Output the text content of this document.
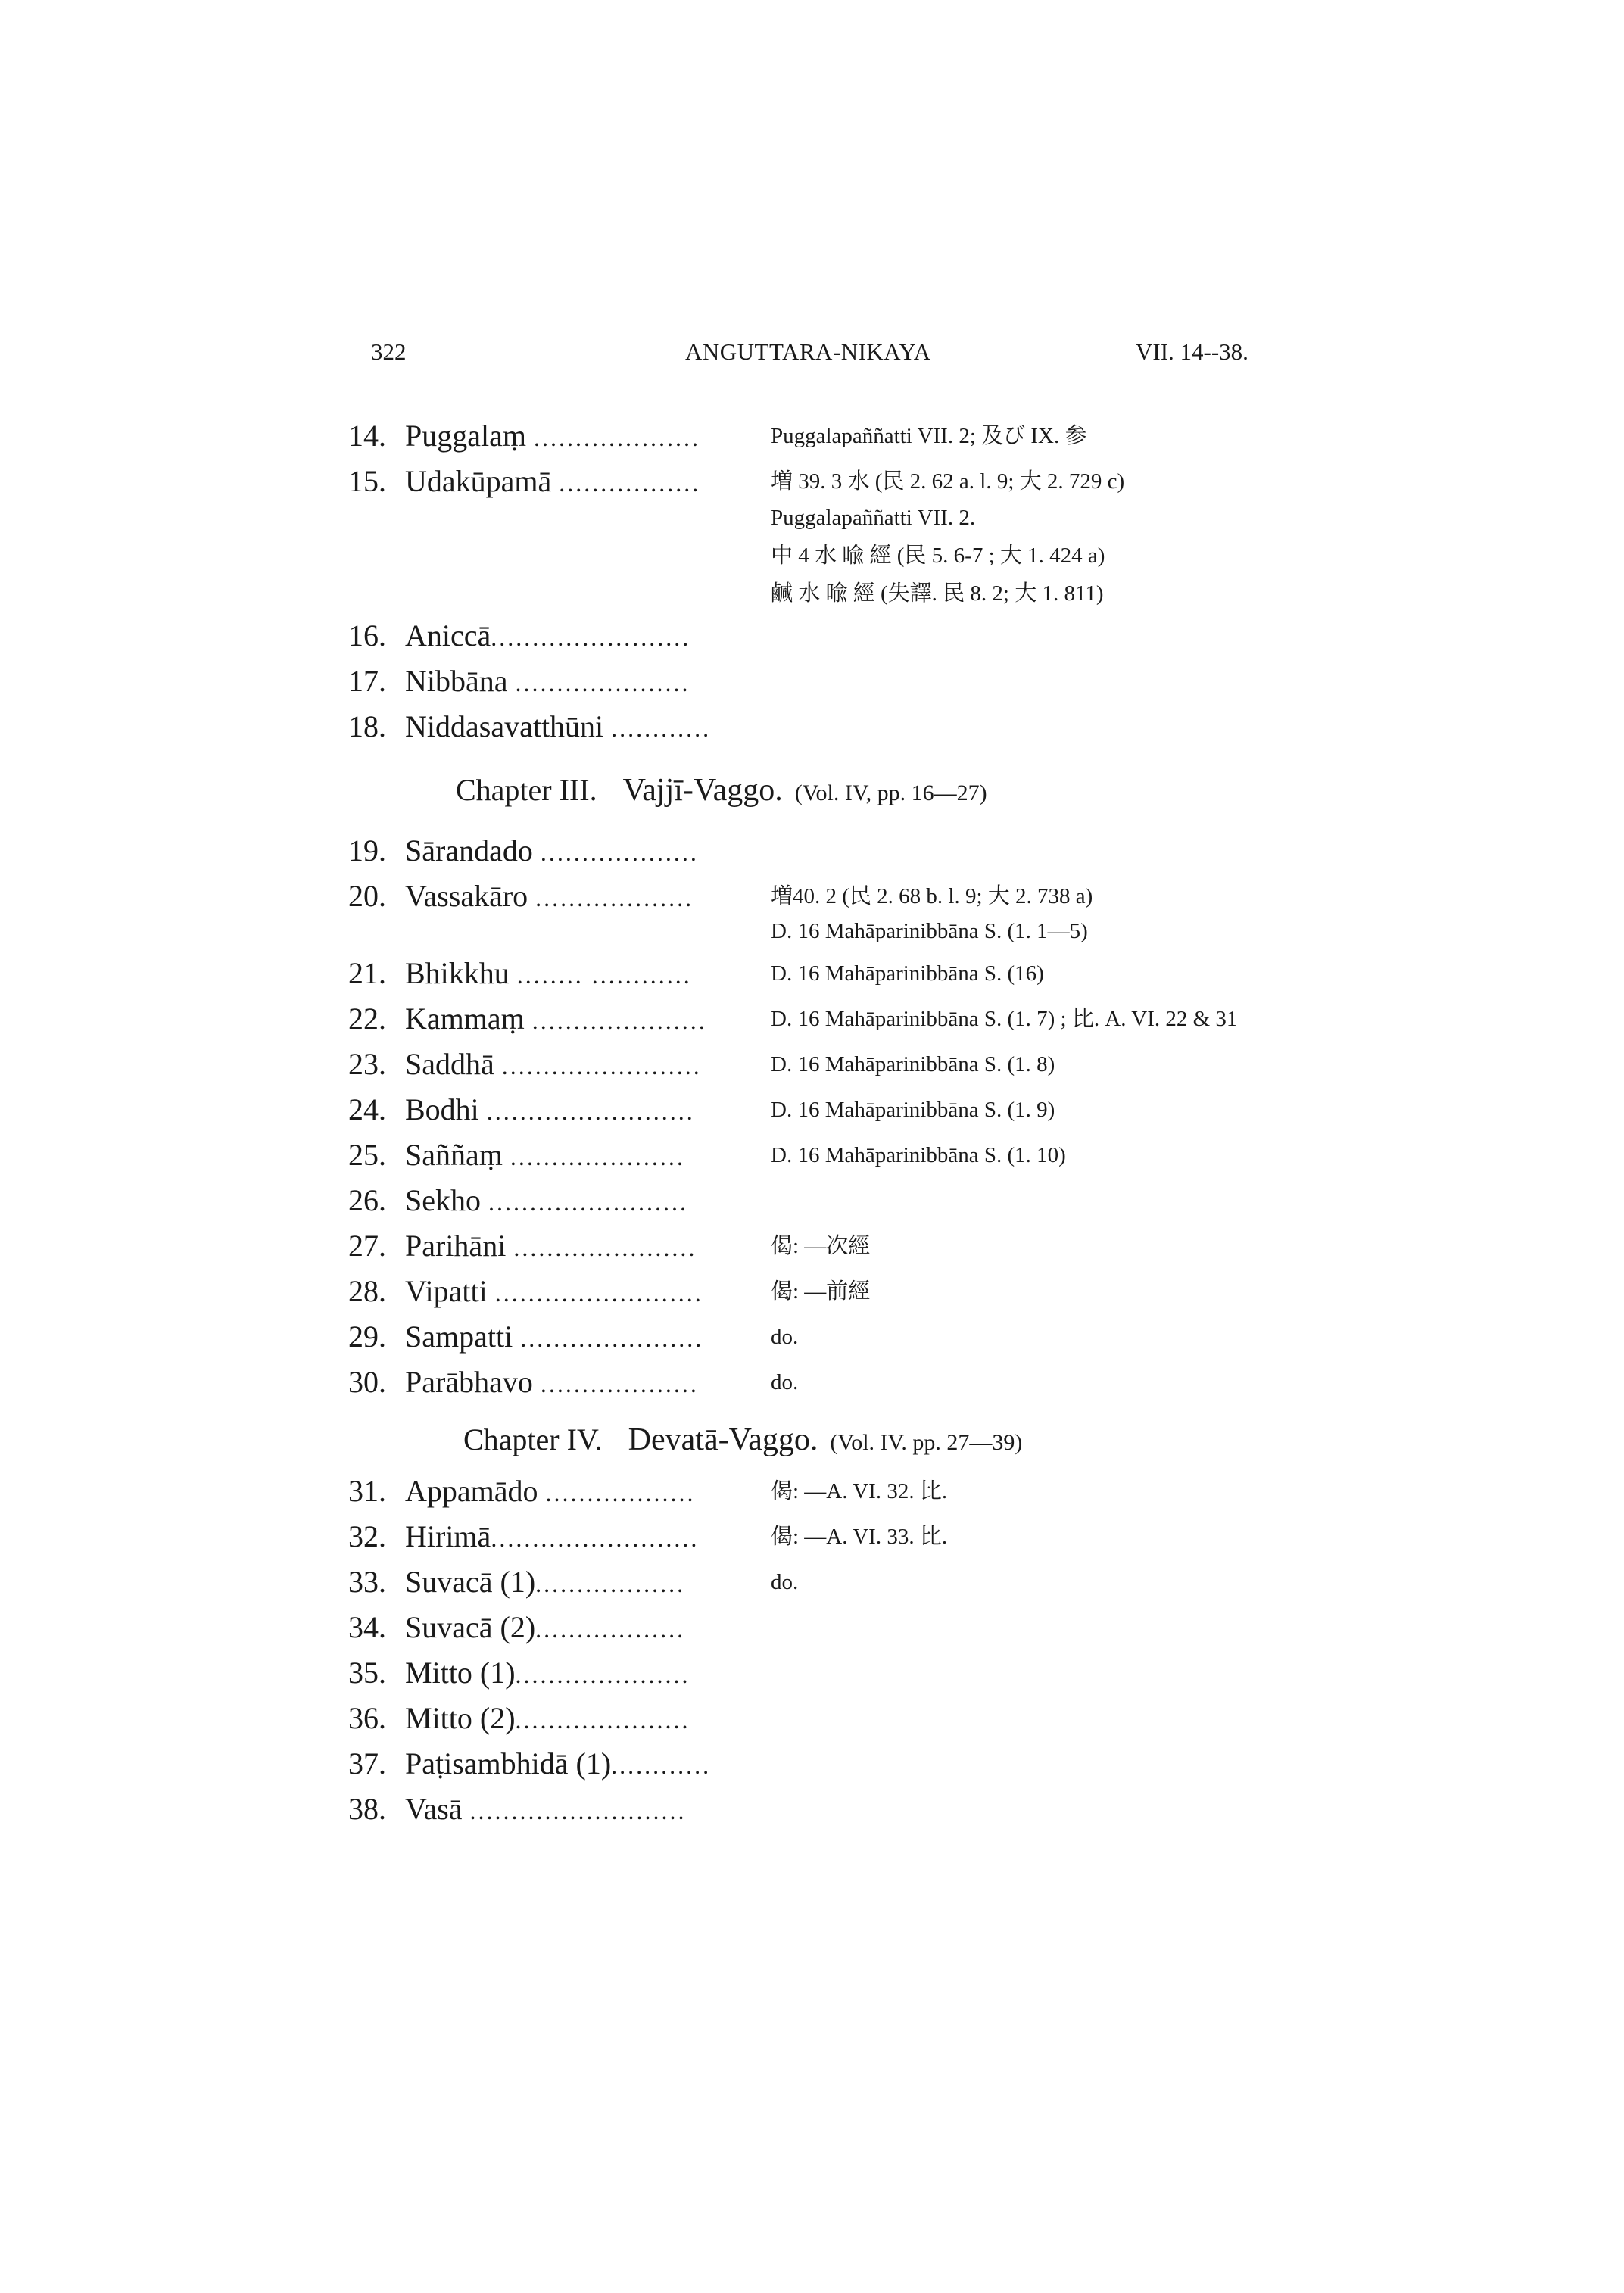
322	ANGUTTARA-NIKAYA	VII. 14--38.
14. Puggalaṃ ....................	Puggalapaññatti VII. 2; 及び IX. 参
15. Udakūpamā .................	増 39. 3 水 (民 2. 62 a. l. 9; 大 2. 729 c)
Puggalapaññatti VII. 2.
中 4 水 喩 經 (民 5. 6-7 ; 大 1. 424 a)
鹹 水 喩 經 (失譯. 民 8. 2; 大 1. 811)
16. Aniccā........................
17. Nibbāna .....................
18. Niddasavatthūni ............
Chapter III. Vajjī-Vaggo. (Vol. IV, pp. 16—27)
19. Sārandado ...................
20. Vassakāro ...................	増40. 2 (民 2. 68 b. l. 9; 大 2. 738 a)
D. 16 Mahāparinibbāna S. (1. 1—5)
21. Bhikkhu ........ ............	D. 16 Mahāparinibbāna S. (16)
22. Kammaṃ .....................	D. 16 Mahāparinibbāna S. (1. 7) ; 比. A. VI. 22 & 31
23. Saddhā ........................	D. 16 Mahāparinibbāna S. (1. 8)
24. Bodhi .........................	D. 16 Mahāparinibbāna S. (1. 9)
25. Saññaṃ .....................	D. 16 Mahāparinibbāna S. (1. 10)
26. Sekho ........................
27. Parihāni ......................	偈: —次經
28. Vipatti .........................	偈: —前經
29. Sampatti ......................	do.
30. Parābhavo ...................	do.
Chapter IV. Devatā-Vaggo. (Vol. IV. pp. 27—39)
31. Appamādo ..................	偈: —A. VI. 32. 比.
32. Hirimā.........................	偈: —A. VI. 33. 比.
33. Suvacā (1)..................	do.
34. Suvacā (2)..................
35. Mitto (1).....................
36. Mitto (2).....................
37. Paṭisambhidā (1)............
38. Vasā ..........................
